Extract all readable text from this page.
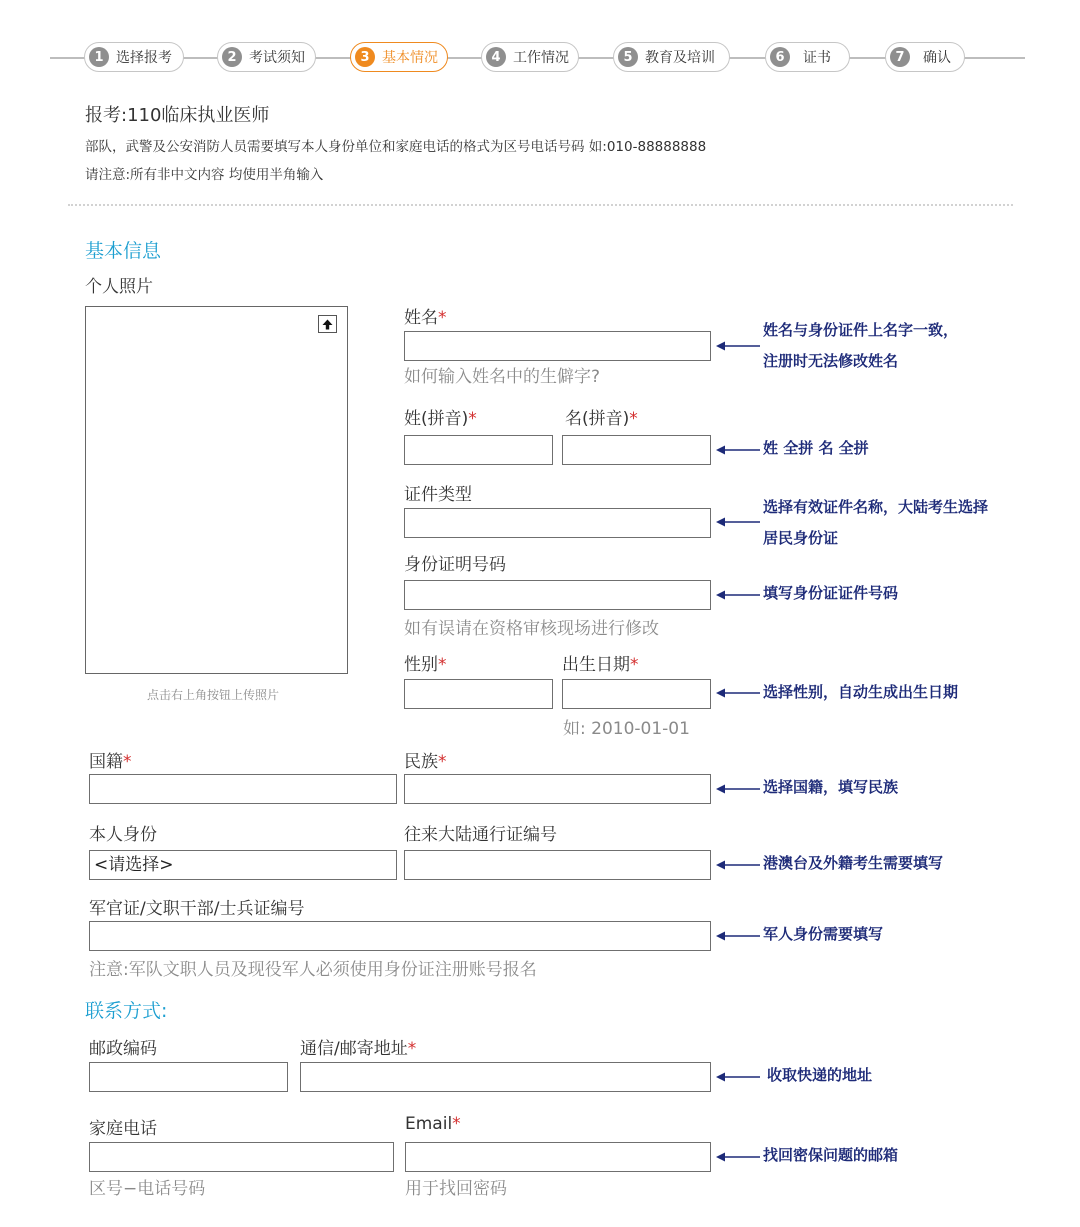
1 选择报考	2 考试须知	3 基本情况	4 工作情况	5 教育及培训	6	证书	7	确认
报考:110临床执业医师
部队，武警及公安消防人员需要填写本人身份单位和家庭电话的格式为区号电话号码 如:010-88888888
请注意:所有非中文内容 均使用半角输入
基本信息
个人照片
点击右上角按钮上传照片
姓名*
如何输入姓名中的生僻字?
姓(拼音)*	名(拼音)*
证件类型
身份证明号码
如有误请在资格审核现场进行修改
性别*	出生日期*
如: 2010-01-01
国籍*	民族*
本人身份	往来大陆通行证编号
<请选择>
军官证/文职干部/士兵证编号
注意:军队文职人员及现役军人必须使用身份证注册账号报名
联系方式:
邮政编码	通信/邮寄地址*
家庭电话	Email*
区号−电话号码	用于找回密码
姓名与身份证件上名字一致，
注册时无法修改姓名
姓 全拼 名 全拼
选择有效证件名称，大陆考生选择
居民身份证
填写身份证证件号码
选择性别，自动生成出生日期
选择国籍，填写民族
港澳台及外籍考生需要填写
军人身份需要填写
收取快递的地址
找回密保问题的邮箱
